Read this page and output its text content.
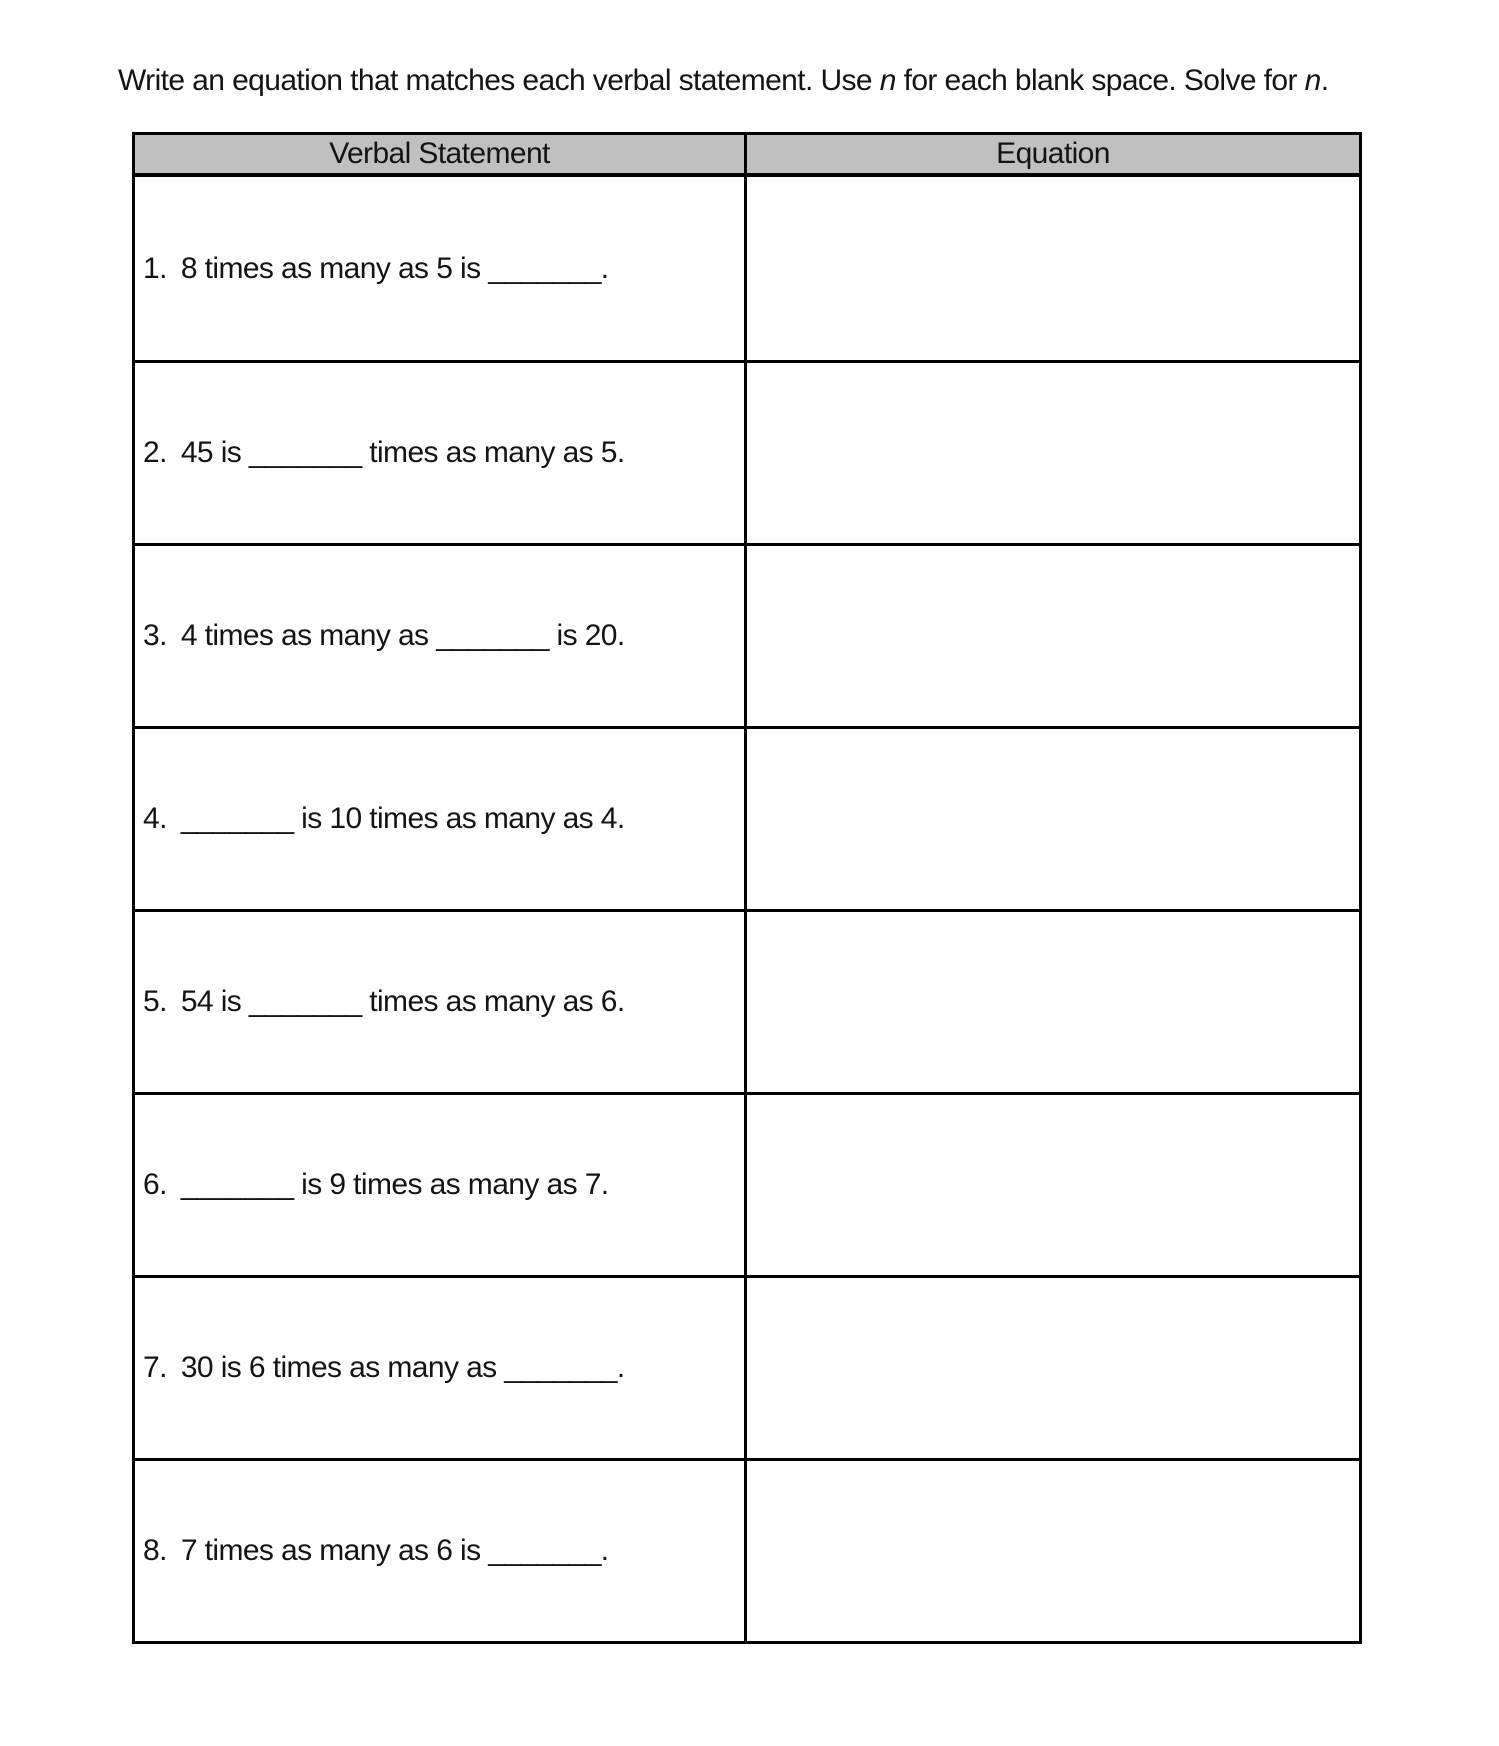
Write an equation that matches each verbal statement. Use n for each blank space. Solve for n.

Verbal Statement	Equation
1. 8 times as many as 5 is _______.
2. 45 is _______ times as many as 5.
3. 4 times as many as _______ is 20.
4. _______ is 10 times as many as 4.
5. 54 is _______ times as many as 6.
6. _______ is 9 times as many as 7.
7. 30 is 6 times as many as _______.
8. 7 times as many as 6 is _______.
